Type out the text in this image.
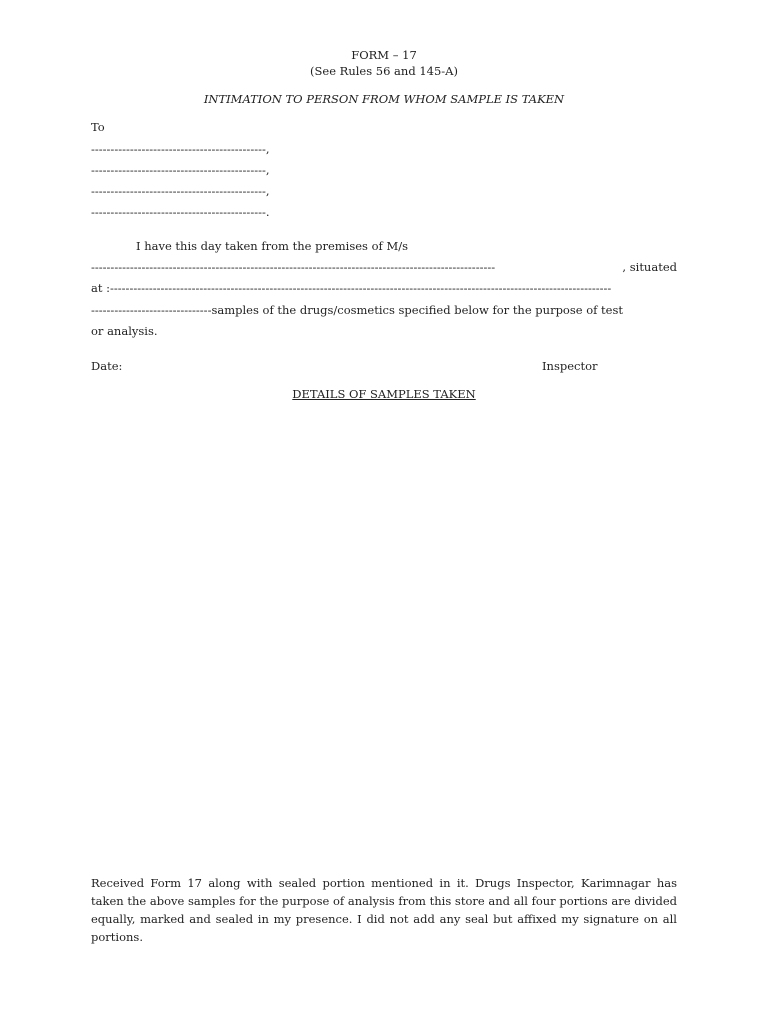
FORM – 17
(See Rules 56 and 145-A)
INTIMATION TO PERSON FROM WHOM SAMPLE IS TAKEN
To
---------------------------------------------,
---------------------------------------------,
---------------------------------------------,
---------------------------------------------.
I have this day taken from the premises of M/s
--------------------------------------------------------------------------------------------------------	, situated
at : ---------------------------------------------------------------------------------------------------------------------------------
------------------------------- samples of the drugs/cosmetics specified below for the purpose of test
or analysis.
Date:	Inspector
DETAILS OF SAMPLES TAKEN
Received Form 17 along with sealed portion mentioned in it. Drugs Inspector, Karimnagar has taken the above samples for the purpose of analysis from this store and all four portions are divided equally, marked and sealed in my presence. I did not add any seal but affixed my signature on all portions.
